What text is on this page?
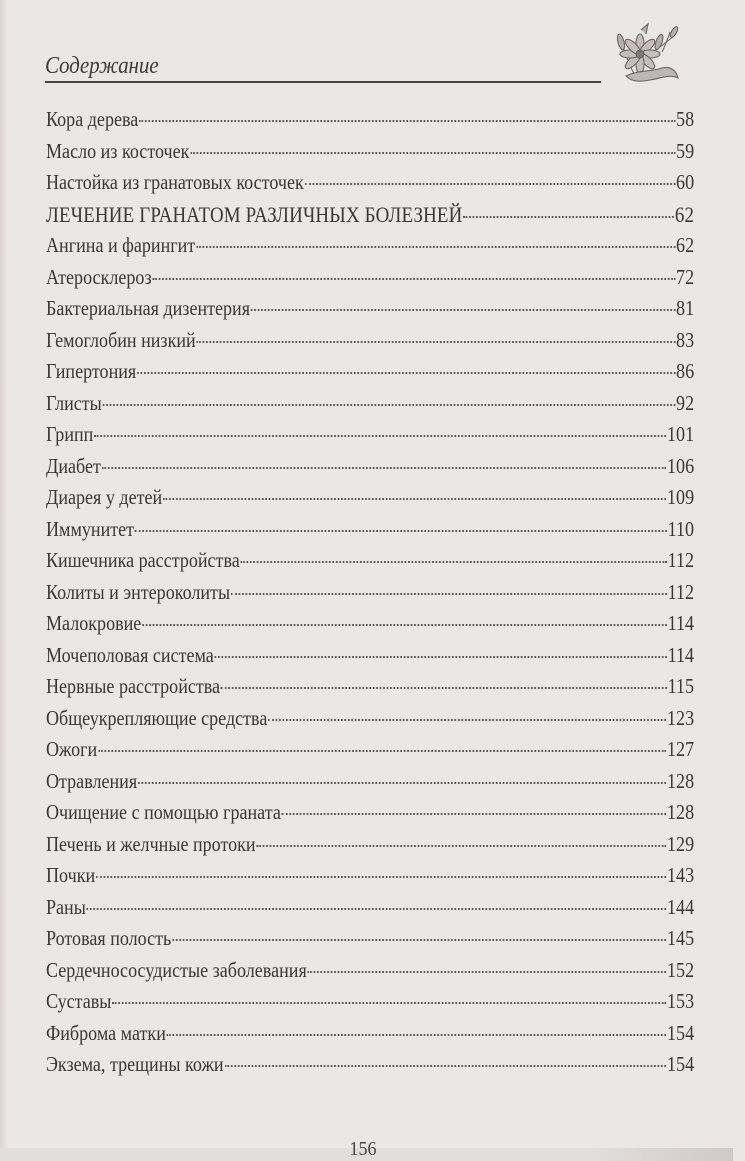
Содержание
Кора дерева	58
Масло из косточек	59
Настойка из гранатовых косточек	60
ЛЕЧЕНИЕ ГРАНАТОМ РАЗЛИЧНЫХ БОЛЕЗНЕЙ	62
Ангина и фарингит	62
Атеросклероз	72
Бактериальная дизентерия	81
Гемоглобин низкий	83
Гипертония	86
Глисты	92
Грипп	101
Диабет	106
Диарея у детей	109
Иммунитет	110
Кишечника расстройства	112
Колиты и энтероколиты	112
Малокровие	114
Мочеполовая система	114
Нервные расстройства	115
Общеукрепляющие средства	123
Ожоги	127
Отравления	128
Очищение с помощью граната	128
Печень и желчные протоки	129
Почки	143
Раны	144
Ротовая полость	145
Сердечнососудистые заболевания	152
Суставы	153
Фиброма матки	154
Экзема, трещины кожи	154
156
